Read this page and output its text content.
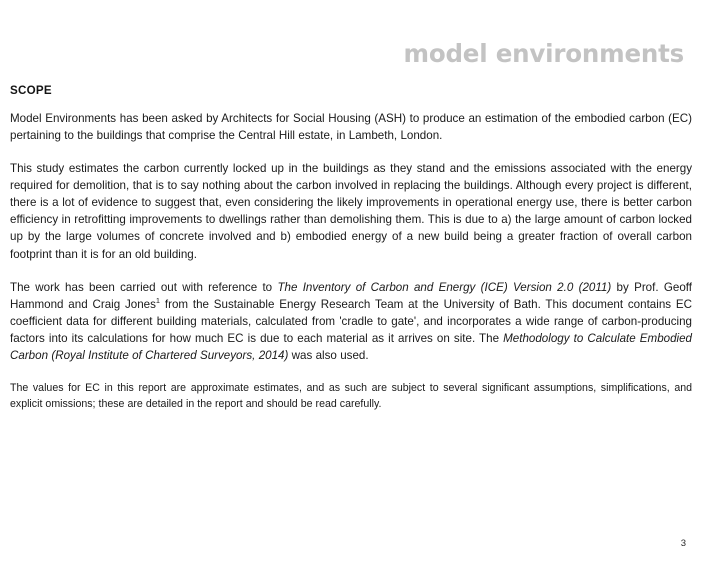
model environments
SCOPE

Model Environments has been asked by Architects for Social Housing (ASH) to produce an estimation of the embodied carbon (EC) pertaining to the buildings that comprise the Central Hill estate, in Lambeth, London.

This study estimates the carbon currently locked up in the buildings as they stand and the emissions associated with the energy required for demolition, that is to say nothing about the carbon involved in replacing the buildings. Although every project is different, there is a lot of evidence to suggest that, even considering the likely improvements in operational energy use, there is better carbon efficiency in retrofitting improvements to dwellings rather than demolishing them. This is due to a) the large amount of carbon locked up by the large volumes of concrete involved and b) embodied energy of a new build being a greater fraction of overall carbon footprint than it is for an old building.

The work has been carried out with reference to The Inventory of Carbon and Energy (ICE) Version 2.0 (2011) by Prof. Geoff Hammond and Craig Jones$^1$ from the Sustainable Energy Research Team at the University of Bath. This document contains EC coefficient data for different building materials, calculated from 'cradle to gate', and incorporates a wide range of carbon-producing factors into its calculations for how much EC is due to each material as it arrives on site. The Methodology to Calculate Embodied Carbon (Royal Institute of Chartered Surveyors, 2014) was also used.

The values for EC in this report are approximate estimates, and as such are subject to several significant assumptions, simplifications, and explicit omissions; these are detailed in the report and should be read carefully.

3
